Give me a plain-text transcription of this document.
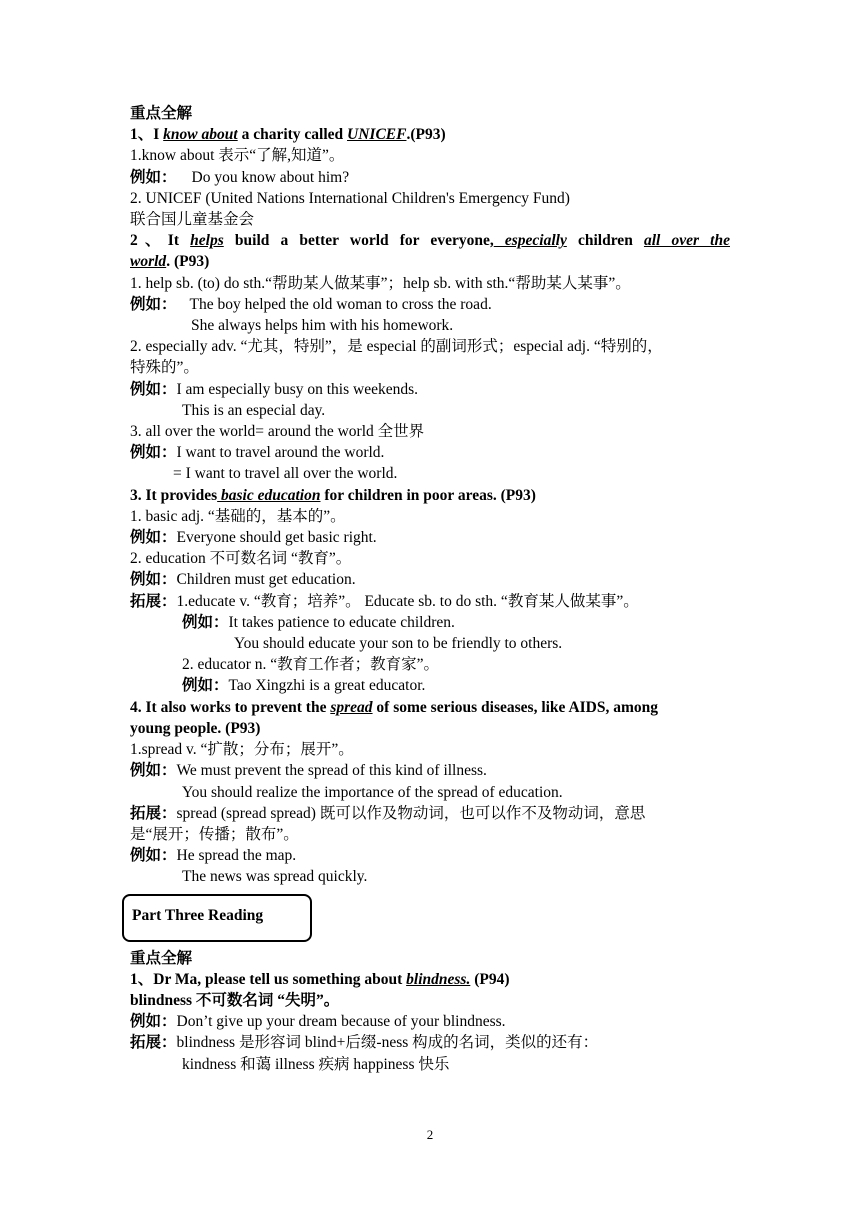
重点全解
1、I know about a charity called UNICEF.(P93)
1.know about 表示“了解,知道”。
例如： Do you know about him?
2. UNICEF (United Nations International Children's Emergency Fund)
联合国儿童基金会
2、It helps build a better world for everyone, especially children all over the
world. (P93)
1. help sb. (to) do sth.“帮助某人做某事”；help sb. with sth.“帮助某人某事”。
例如： The boy helped the old woman to cross the road.
She always helps him with his homework.
2. especially adv. “尤其，特别”，是 especial 的副词形式；especial adj. “特别的，
特殊的”。
例如：I am especially busy on this weekends.
This is an especial day.
3. all over the world= around the world 全世界
例如：I want to travel around the world.
= I want to travel all over the world.
3. It provides basic education for children in poor areas. (P93)
1. basic adj. “基础的，基本的”。
例如：Everyone should get basic right.
2. education 不可数名词 “教育”。
例如：Children must get education.
拓展：1.educate v. “教育；培养”。 Educate sb. to do sth. “教育某人做某事”。
例如：It takes patience to educate children.
You should educate your son to be friendly to others.
2. educator n. “教育工作者；教育家”。
例如：Tao Xingzhi is a great educator.
4. It also works to prevent the spread of some serious diseases, like AIDS, among
young people. (P93)
1.spread v. “扩散；分布；展开”。
例如：We must prevent the spread of this kind of illness.
You should realize the importance of the spread of education.
拓展：spread (spread spread) 既可以作及物动词，也可以作不及物动词，意思
是“展开；传播；散布”。
例如：He spread the map.
The news was spread quickly.
Part Three Reading
重点全解
1、Dr Ma, please tell us something about blindness. (P94)
blindness 不可数名词 “失明”。
例如：Don’t give up your dream because of your blindness.
拓展：blindness 是形容词 blind+后缀-ness 构成的名词，类似的还有：
kindness 和蔼 illness 疾病 happiness 快乐
2
